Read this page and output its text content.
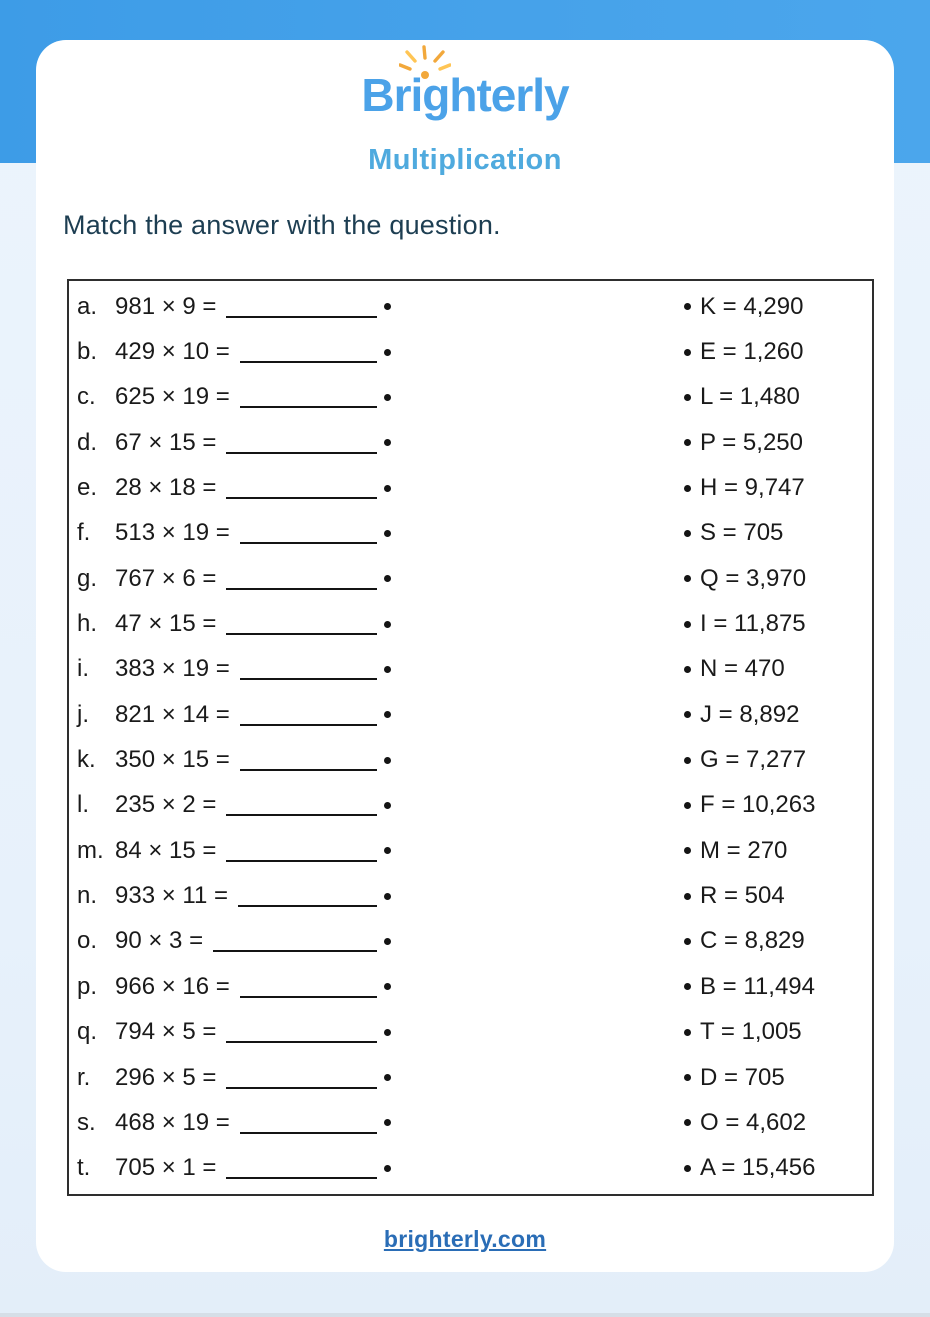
Brighterly
Multiplication
Match the answer with the question.
a. 981 × 9 =	K = 4,290
b. 429 × 10 =	E = 1,260
c. 625 × 19 =	L = 1,480
d. 67 × 15 =	P = 5,250
e. 28 × 18 =	H = 9,747
f.	513 × 19 =	S = 705
g. 767 × 6 =	Q = 3,970
h. 47 × 15 =	I = 11,875
i.	383 × 19 =	N = 470
j.	821 × 14 =	J = 8,892
k. 350 × 15 =	G = 7,277
l.	235 × 2 =	F = 10,263
m. 84 × 15 =	M = 270
n. 933 × 11 =	R = 504
o. 90 × 3 =	C = 8,829
p. 966 × 16 =	B = 11,494
q. 794 × 5 =	T = 1,005
r.	296 × 5 =	D = 705
s. 468 × 19 =	O = 4,602
t.	705 × 1 =	A = 15,456
brighterly.com
